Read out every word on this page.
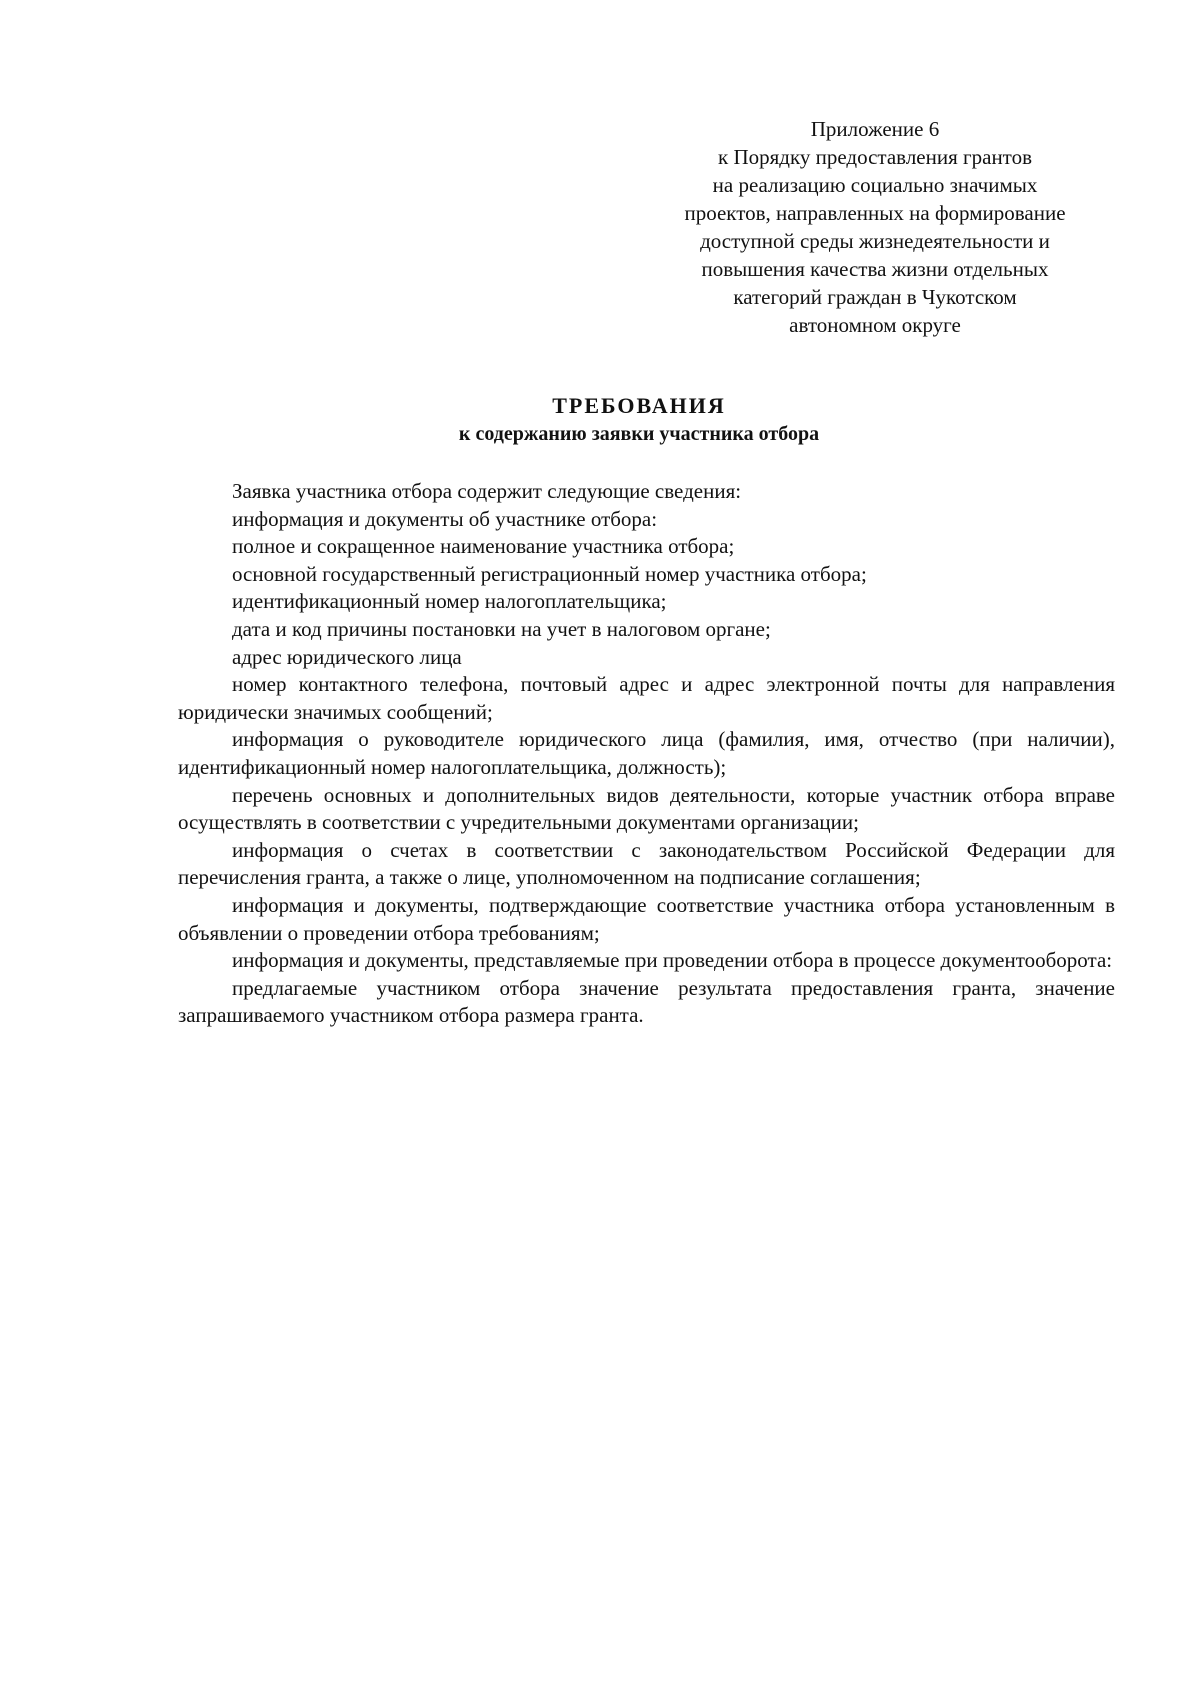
Приложение 6
к Порядку предоставления грантов
на реализацию социально значимых
проектов, направленных на формирование
доступной среды жизнедеятельности и
повышения качества жизни отдельных
категорий граждан в Чукотском
автономном округе
ТРЕБОВАНИЯ
к содержанию заявки участника отбора

Заявка участника отбора содержит следующие сведения:

информация и документы об участнике отбора:

полное и сокращенное наименование участника отбора;

основной государственный регистрационный номер участника отбора;

идентификационный номер налогоплательщика;

дата и код причины постановки на учет в налоговом органе;

адрес юридического лица

номер контактного телефона, почтовый адрес и адрес электронной почты для направления юридически значимых сообщений;

информация о руководителе юридического лица (фамилия, имя, отчество (при наличии), идентификационный номер налогоплательщика, должность);

перечень основных и дополнительных видов деятельности, которые участник отбора вправе осуществлять в соответствии с учредительными документами организации;

информация о счетах в соответствии с законодательством Российской Федерации для перечисления гранта, а также о лице, уполномоченном на подписание соглашения;

информация и документы, подтверждающие соответствие участника отбора установленным в объявлении о проведении отбора требованиям;

информация и документы, представляемые при проведении отбора в процессе документооборота:

предлагаемые участником отбора значение результата предоставления гранта, значение запрашиваемого участником отбора размера гранта.
